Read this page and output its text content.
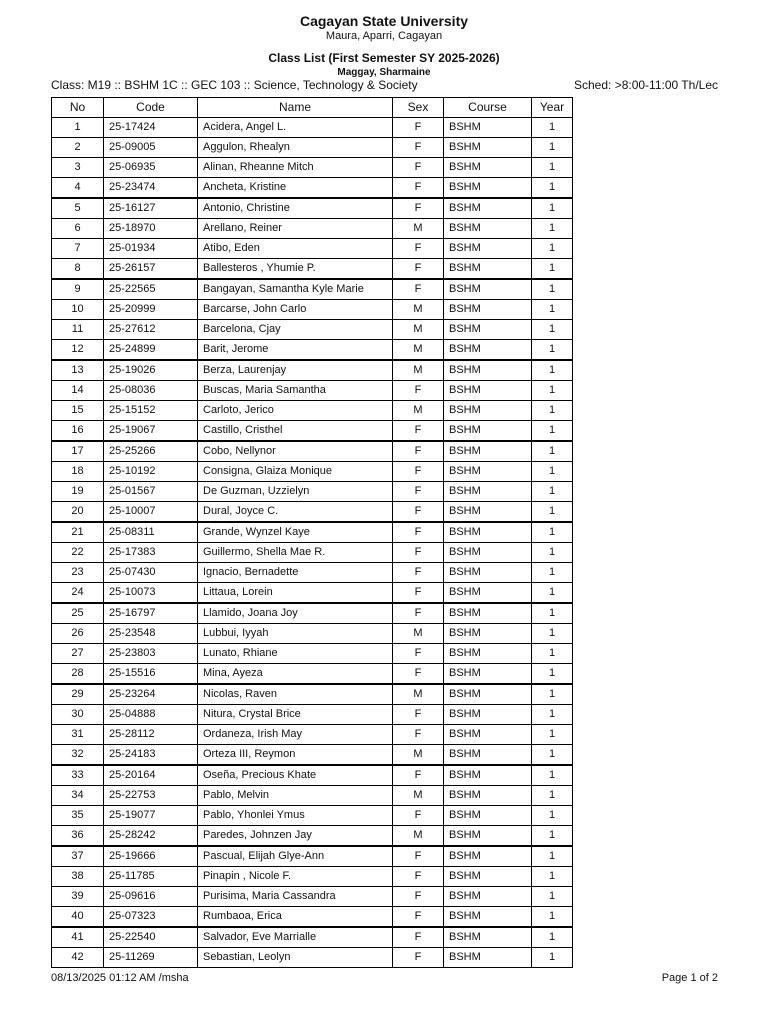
Cagayan State University
Maura, Aparri, Cagayan
Class List (First Semester SY 2025-2026)
Maggay, Sharmaine
Class: M19 :: BSHM 1C :: GEC 103 :: Science, Technology & Society	Sched: >8:00-11:00 Th/Lec
No	Code	Name	Sex	Course	Year
1	25-17424	Acidera, Angel L.	F	BSHM	1
2	25-09005	Aggulon, Rhealyn	F	BSHM	1
3	25-06935	Alinan, Rheanne Mitch	F	BSHM	1
4	25-23474	Ancheta, Kristine	F	BSHM	1
5	25-16127	Antonio, Christine	F	BSHM	1
6	25-18970	Arellano, Reiner	M	BSHM	1
7	25-01934	Atibo, Eden	F	BSHM	1
8	25-26157	Ballesteros , Yhumie P.	F	BSHM	1
9	25-22565	Bangayan, Samantha Kyle Marie	F	BSHM	1
10	25-20999	Barcarse, John Carlo	M	BSHM	1
11	25-27612	Barcelona, Cjay	M	BSHM	1
12	25-24899	Barit, Jerome	M	BSHM	1
13	25-19026	Berza, Laurenjay	M	BSHM	1
14	25-08036	Buscas, Maria Samantha	F	BSHM	1
15	25-15152	Carloto, Jerico	M	BSHM	1
16	25-19067	Castillo, Cristhel	F	BSHM	1
17	25-25266	Cobo, Nellynor	F	BSHM	1
18	25-10192	Consigna, Glaiza Monique	F	BSHM	1
19	25-01567	De Guzman, Uzzielyn	F	BSHM	1
20	25-10007	Dural, Joyce C.	F	BSHM	1
21	25-08311	Grande, Wynzel Kaye	F	BSHM	1
22	25-17383	Guillermo, Shella Mae R.	F	BSHM	1
23	25-07430	Ignacio, Bernadette	F	BSHM	1
24	25-10073	Littaua, Lorein	F	BSHM	1
25	25-16797	Llamido, Joana Joy	F	BSHM	1
26	25-23548	Lubbui, Iyyah	M	BSHM	1
27	25-23803	Lunato, Rhiane	F	BSHM	1
28	25-15516	Mina, Ayeza	F	BSHM	1
29	25-23264	Nicolas, Raven	M	BSHM	1
30	25-04888	Nitura, Crystal Brice	F	BSHM	1
31	25-28112	Ordaneza, Irish May	F	BSHM	1
32	25-24183	Orteza III, Reymon	M	BSHM	1
33	25-20164	Oseña, Precious Khate	F	BSHM	1
34	25-22753	Pablo, Melvin	M	BSHM	1
35	25-19077	Pablo, Yhonlei Ymus	F	BSHM	1
36	25-28242	Paredes, Johnzen Jay	M	BSHM	1
37	25-19666	Pascual, Elijah Glye-Ann	F	BSHM	1
38	25-11785	Pinapin , Nicole F.	F	BSHM	1
39	25-09616	Purisima, Maria Cassandra	F	BSHM	1
40	25-07323	Rumbaoa, Erica	F	BSHM	1
41	25-22540	Salvador, Eve Marrialle	F	BSHM	1
42	25-11269	Sebastian, Leolyn	F	BSHM	1
08/13/2025 01:12 AM /msha	Page 1 of 2
